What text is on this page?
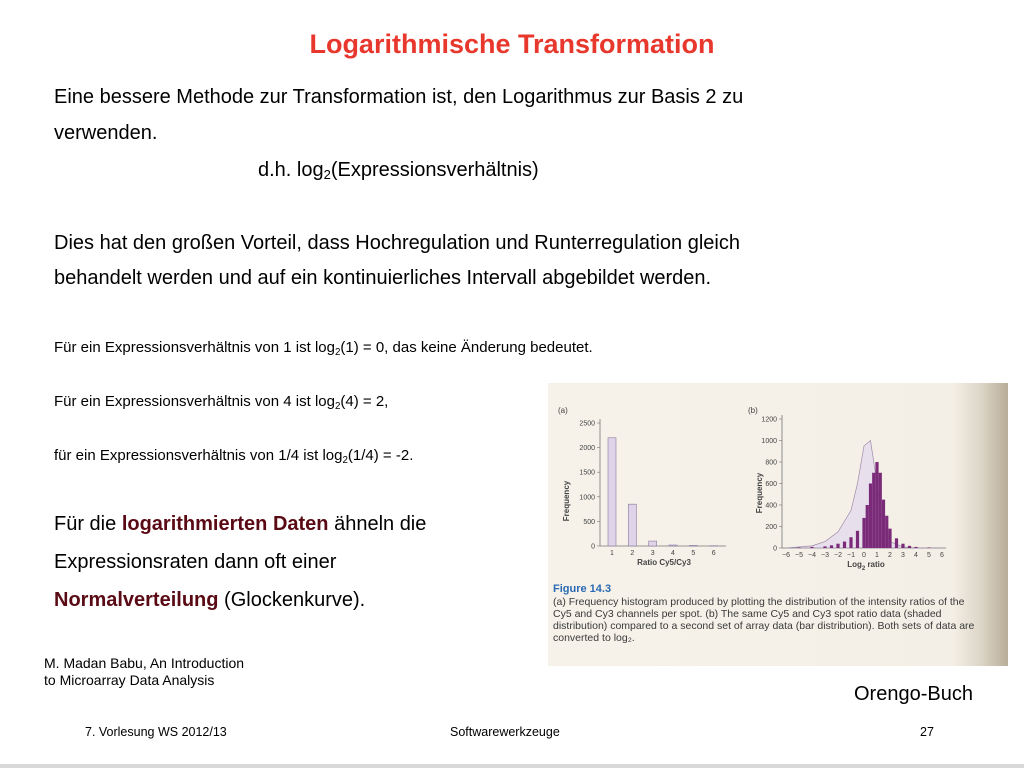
Logarithmische Transformation
Eine bessere Methode zur Transformation ist, den Logarithmus zur Basis 2 zu
verwenden.
d.h. $\log_2(Expressionsverhältnis)$
Dies hat den großen Vorteil, dass Hochregulation und Runterregulation gleich
behandelt werden und auf ein kontinuierliches Intervall abgebildet werden.
Für ein Expressionsverhältnis von 1 ist $\log_2(1) = 0$, das keine Änderung bedeutet.
Für ein Expressionsverhältnis von 4 ist $\log_2(4) = 2$,
für ein Expressionsverhältnis von 1/4 ist $\log_2(1/4) = -2$.
Für die logarithmierten Daten ähneln die
Expressionsraten dann oft einer
Normalverteilung (Glockenkurve).
(a)
Frequency
2500
2000
1500
1000
500
0
1 2 3 4 5 6
Ratio Cy5/Cy3
(b)
Frequency
1200
1000
800
600
400
200
0
−6 −5 −4 −3 −2 −1 0 1 2 3 4 5 6
Log$_2$ ratio
Figure 14.3
(a) Frequency histogram produced by plotting the distribution of the intensity ratios of the Cy5 and Cy3 channels per spot. (b) The same Cy5 and Cy3 spot ratio data (shaded distribution) compared to a second set of array data (bar distribution). Both sets of data are converted to log₂.
M. Madan Babu, An Introduction
to Microarray Data Analysis
Orengo-Buch
7. Vorlesung WS 2012/13	Softwarewerkzeuge	27
